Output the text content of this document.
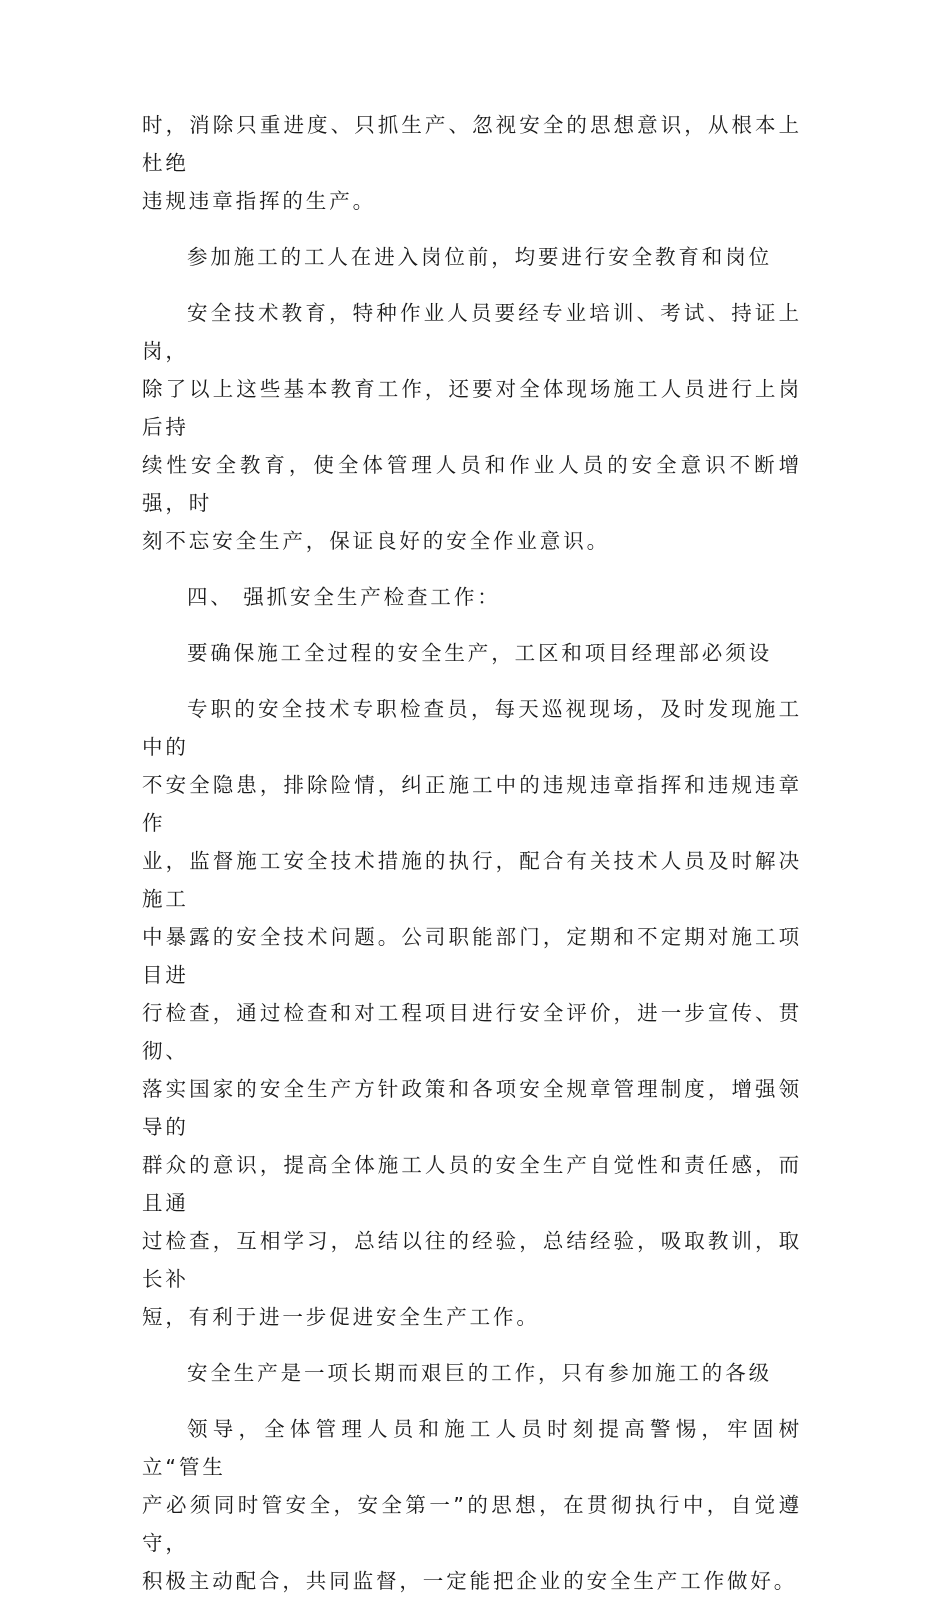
时，消除只重进度、只抓生产、忽视安全的思想意识，从根本上杜绝
违规违章指挥的生产。
参加施工的工人在进入岗位前，均要进行安全教育和岗位
安全技术教育，特种作业人员要经专业培训、考试、持证上岗，
除了以上这些基本教育工作，还要对全体现场施工人员进行上岗后持
续性安全教育，使全体管理人员和作业人员的安全意识不断增强，时
刻不忘安全生产，保证良好的安全作业意识。
四、 强抓安全生产检查工作：
要确保施工全过程的安全生产，工区和项目经理部必须设
专职的安全技术专职检查员，每天巡视现场，及时发现施工中的
不安全隐患，排除险情，纠正施工中的违规违章指挥和违规违章作
业，监督施工安全技术措施的执行，配合有关技术人员及时解决施工
中暴露的安全技术问题。公司职能部门，定期和不定期对施工项目进
行检查，通过检查和对工程项目进行安全评价，进一步宣传、贯彻、
落实国家的安全生产方针政策和各项安全规章管理制度，增强领导的
群众的意识，提高全体施工人员的安全生产自觉性和责任感，而且通
过检查，互相学习，总结以往的经验，总结经验，吸取教训，取长补
短，有利于进一步促进安全生产工作。
安全生产是一项长期而艰巨的工作，只有参加施工的各级
领导，全体管理人员和施工人员时刻提高警惕，牢固树立“管生
产必须同时管安全，安全第一”的思想，在贯彻执行中，自觉遵守，
积极主动配合，共同监督，一定能把企业的安全生产工作做好。
